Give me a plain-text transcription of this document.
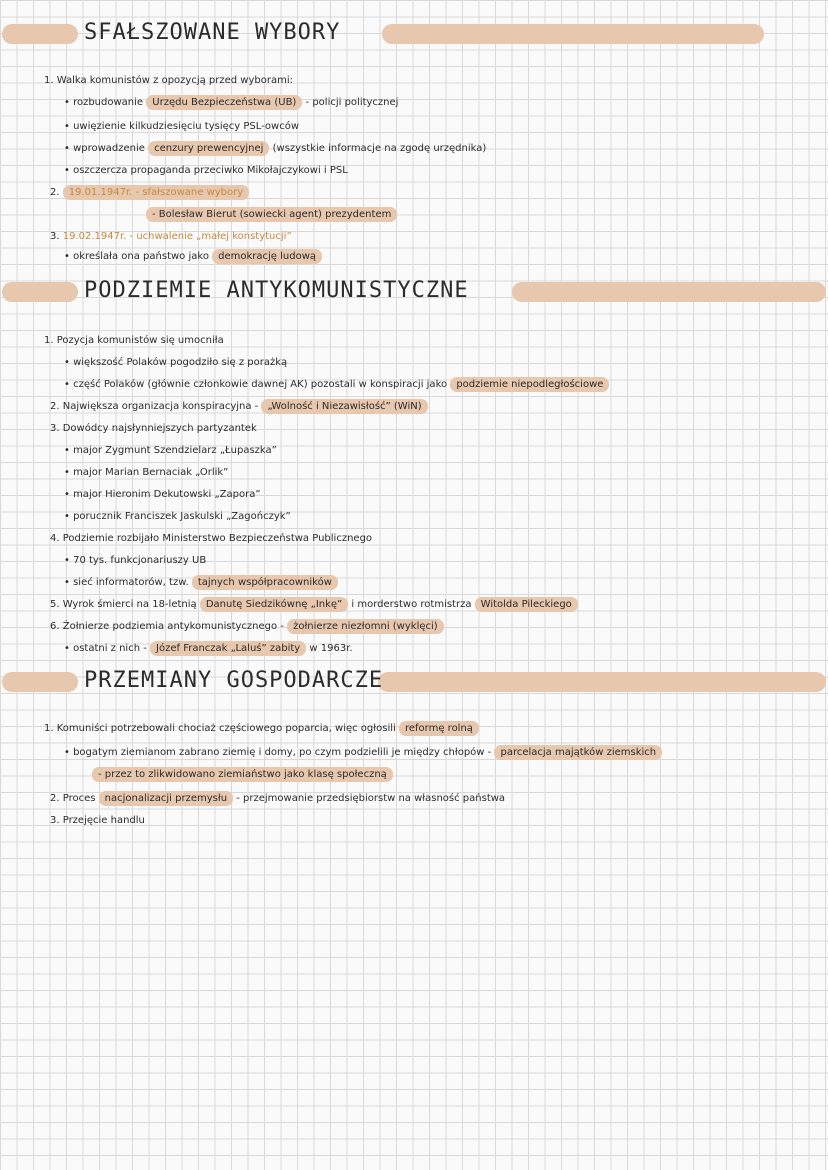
SFAŁSZOWANE WYBORY
1. Walka komunistów z opozycją przed wyborami:
• rozbudowanie Urzędu Bezpieczeństwa (UB) - policji politycznej
• uwięzienie kilkudziesięciu tysięcy PSL-owców
• wprowadzenie cenzury prewencyjnej (wszystkie informacje na zgodę urzędnika)
• oszczercza propaganda przeciwko Mikołajczykowi i PSL
2. 19.01.1947r. - sfałszowane wybory
- Bolesław Bierut (sowiecki agent) prezydentem
3. 19.02.1947r. - uchwalenie „małej konstytucji”
• określała ona państwo jako demokrację ludową
PODZIEMIE ANTYKOMUNISTYCZNE
1. Pozycja komunistów się umocniła
• większość Polaków pogodziło się z porażką
• część Polaków (głównie członkowie dawnej AK) pozostali w konspiracji jako podziemie niepodległościowe
2. Największa organizacja konspiracyjna - „Wolność i Niezawisłość” (WiN)
3. Dowódcy najsłynniejszych partyzantek
• major Zygmunt Szendzielarz „Łupaszka”
• major Marian Bernaciak „Orlik”
• major Hieronim Dekutowski „Zapora”
• porucznik Franciszek Jaskulski „Zagończyk”
4. Podziemie rozbijało Ministerstwo Bezpieczeństwa Publicznego
• 70 tys. funkcjonariuszy UB
• sieć informatorów, tzw. tajnych współpracowników
5. Wyrok śmierci na 18-letnią Danutę Siedzikównę „Inkę” i morderstwo rotmistrza Witolda Pileckiego
6. Żołnierze podziemia antykomunistycznego - żołnierze niezłomni (wyklęci)
• ostatni z nich - Józef Franczak „Laluś” zabity w 1963r.
PRZEMIANY GOSPODARCZE
1. Komuniści potrzebowali chociaż częściowego poparcia, więc ogłosili reformę rolną
• bogatym ziemianom zabrano ziemię i domy, po czym podzielili je między chłopów - parcelacja majątków ziemskich
- przez to zlikwidowano ziemiaństwo jako klasę społeczną
2. Proces nacjonalizacji przemysłu - przejmowanie przedsiębiorstw na własność państwa
3. Przejęcie handlu
